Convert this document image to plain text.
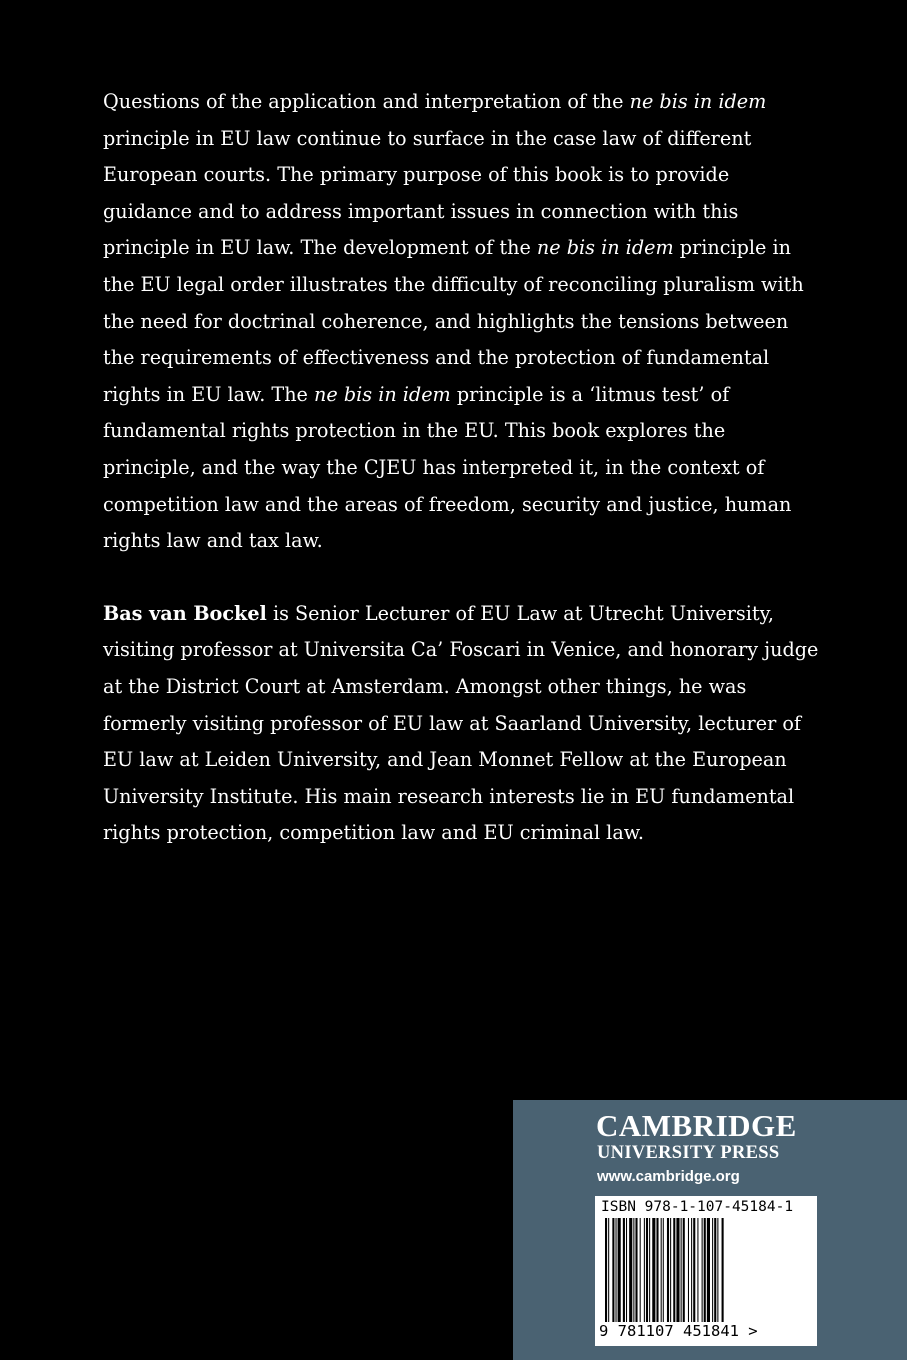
Questions of the application and interpretation of the ne bis in idem principle in EU law continue to surface in the case law of different European courts. The primary purpose of this book is to provide guidance and to address important issues in connection with this principle in EU law. The development of the ne bis in idem principle in the EU legal order illustrates the difficulty of reconciling pluralism with the need for doctrinal coherence, and highlights the tensions between the requirements of effectiveness and the protection of fundamental rights in EU law. The ne bis in idem principle is a ‘litmus test’ of fundamental rights protection in the EU. This book explores the principle, and the way the CJEU has interpreted it, in the context of competition law and the areas of freedom, security and justice, human rights law and tax law.

Bas van Bockel is Senior Lecturer of EU Law at Utrecht University, visiting professor at Universita Ca’ Foscari in Venice, and honorary judge at the District Court at Amsterdam. Amongst other things, he was formerly visiting professor of EU law at Saarland University, lecturer of EU law at Leiden University, and Jean Monnet Fellow at the European University Institute. His main research interests lie in EU fundamental rights protection, competition law and EU criminal law.

CAMBRIDGE
UNIVERSITY PRESS
www.cambridge.org
ISBN 978-1-107-45184-1
9 781107 451841 >
